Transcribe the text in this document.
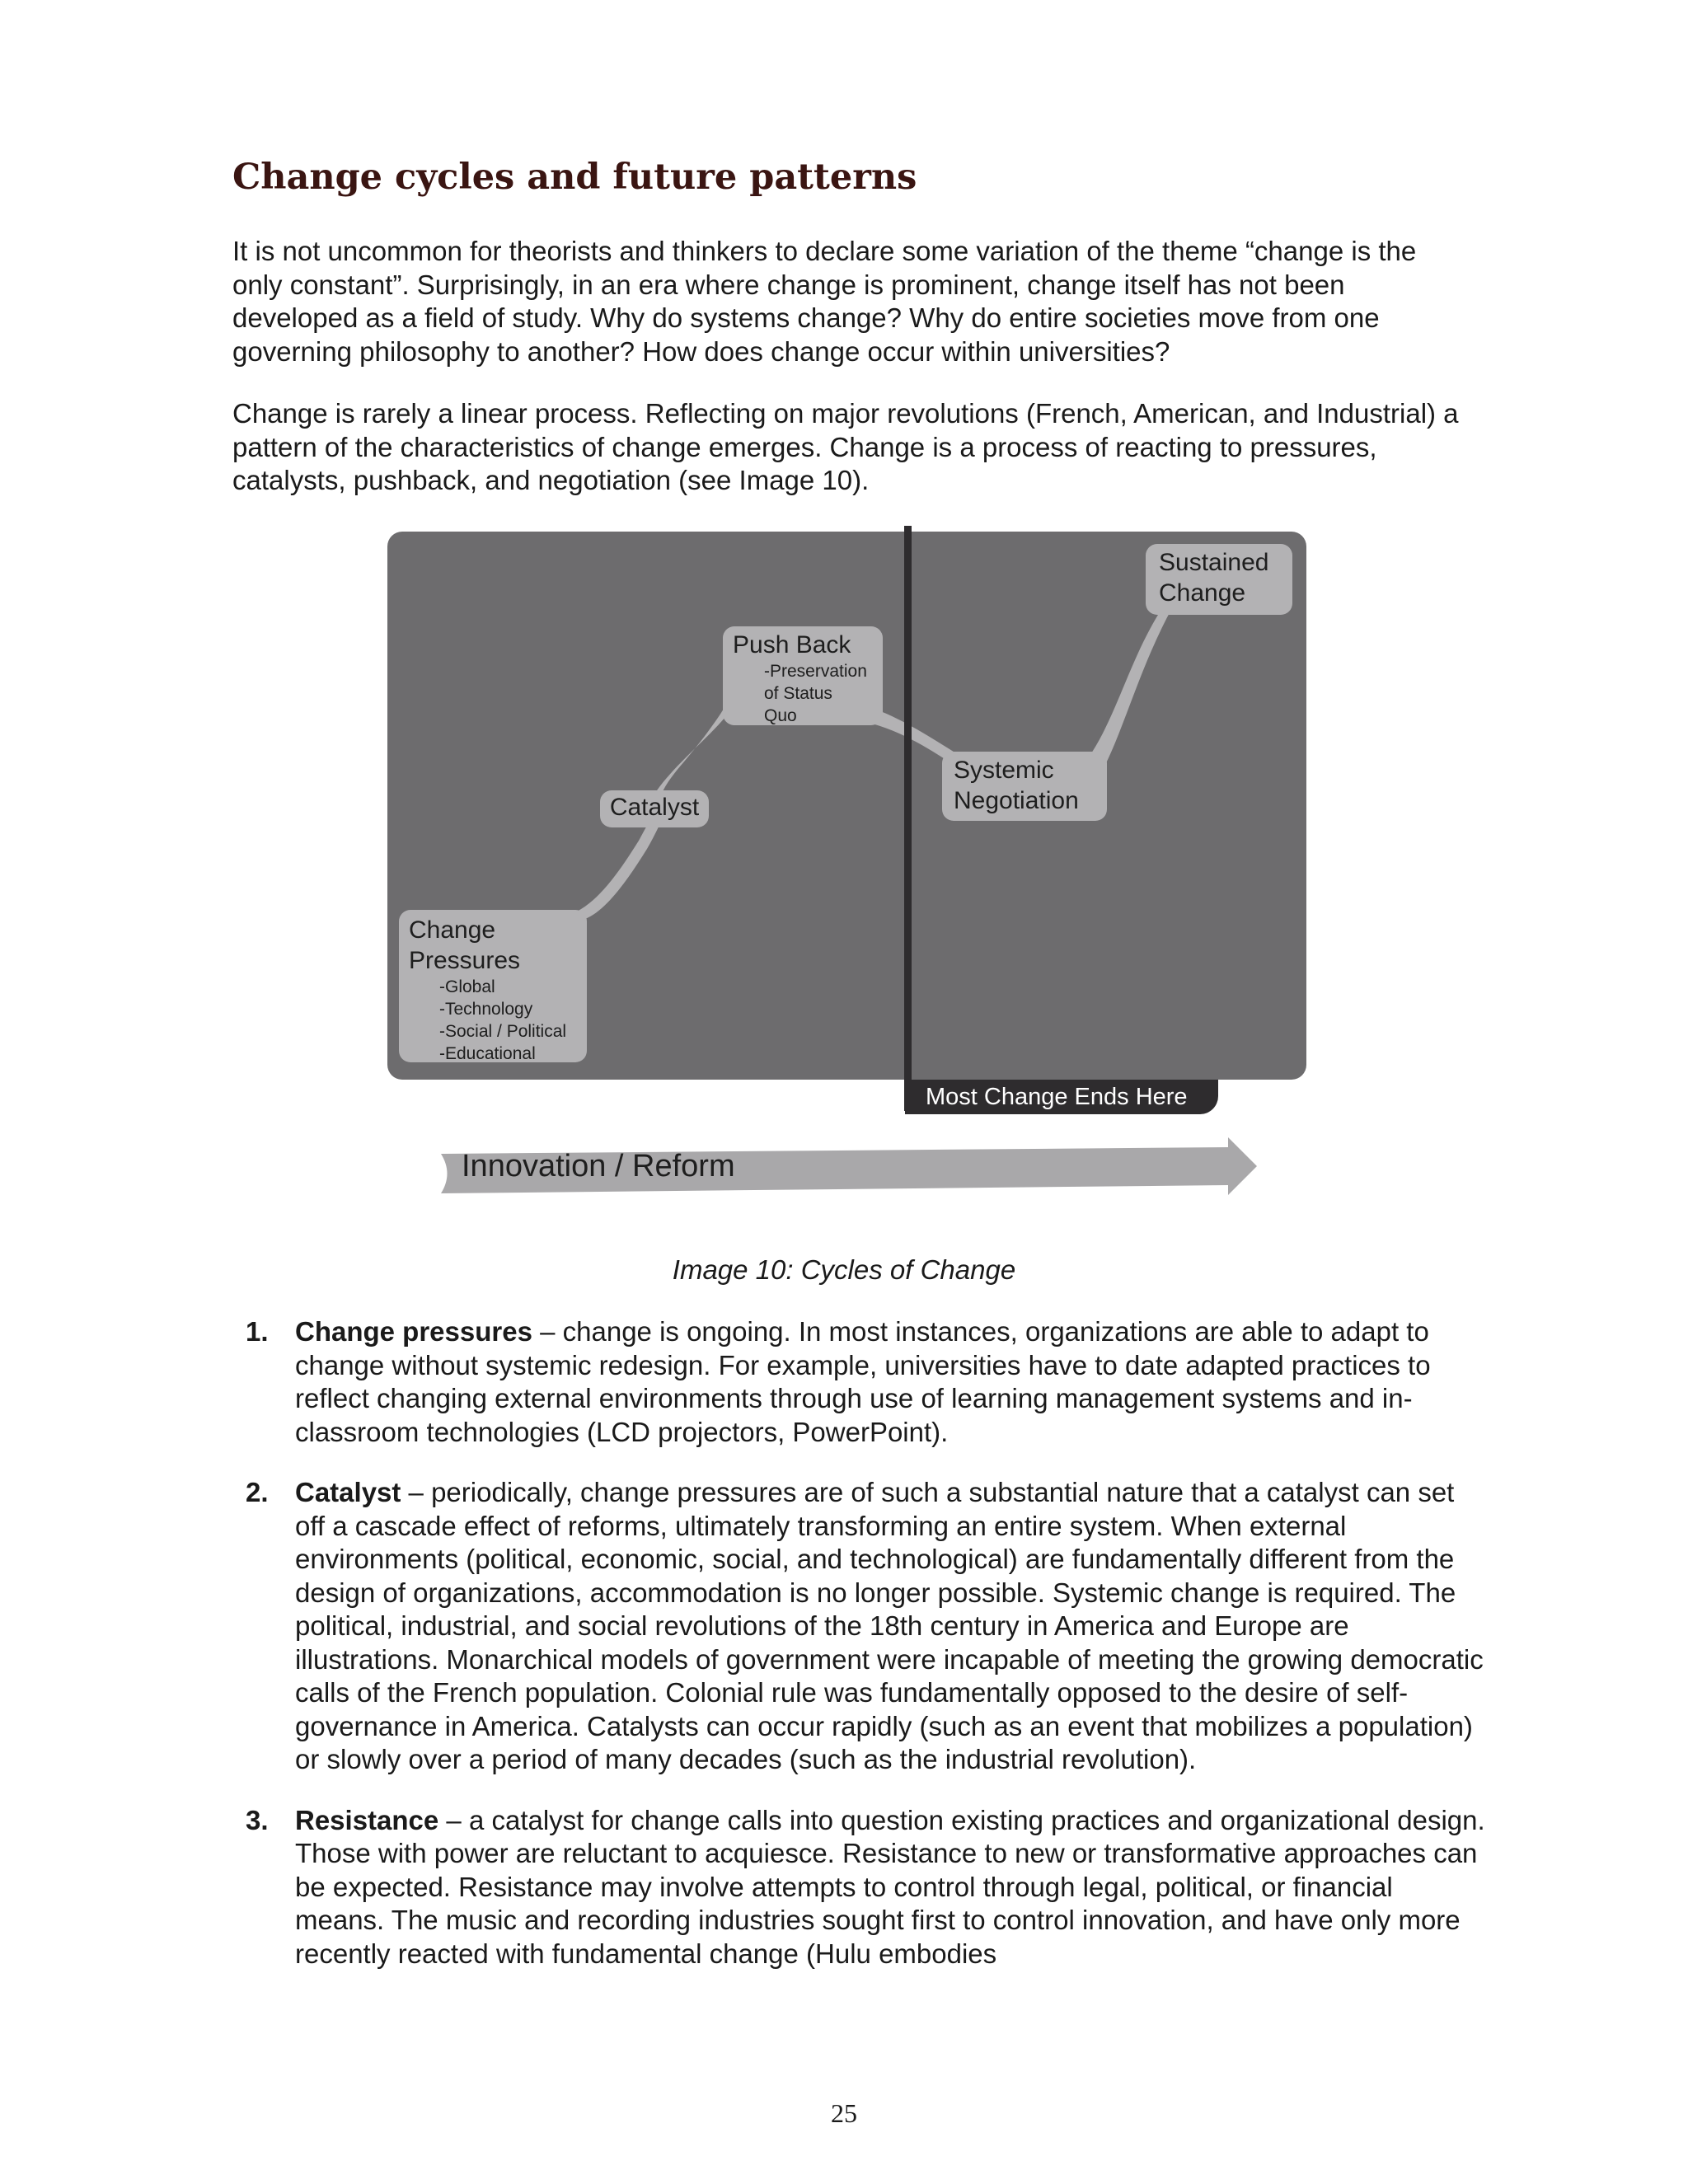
Change cycles and future patterns

It is not uncommon for theorists and thinkers to declare some variation of the theme “change is the only constant”. Surprisingly, in an era where change is prominent, change itself has not been developed as a field of study. Why do systems change? Why do entire societies move from one governing philosophy to another? How does change occur within universities?

Change is rarely a linear process. Reflecting on major revolutions (French, American, and Industrial) a pattern of the characteristics of change emerges. Change is a process of reacting to pressures, catalysts, pushback, and negotiation (see Image 10).

Change Pressures
-Global
-Technology
-Social / Political
-Educational
Catalyst
Push Back
-Preservation
of Status
Quo
Systemic Negotiation
Sustained Change
Most Change Ends Here
Innovation / Reform

Image 10: Cycles of Change

1. Change pressures – change is ongoing. In most instances, organizations are able to adapt to change without systemic redesign. For example, universities have to date adapted practices to reflect changing external environments through use of learning management systems and in-classroom technologies (LCD projectors, PowerPoint).
2. Catalyst – periodically, change pressures are of such a substantial nature that a catalyst can set off a cascade effect of reforms, ultimately transforming an entire system. When external environments (political, economic, social, and technological) are fundamentally different from the design of organizations, accommodation is no longer possible. Systemic change is required. The political, industrial, and social revolutions of the 18th century in America and Europe are illustrations. Monarchical models of government were incapable of meeting the growing democratic calls of the French population. Colonial rule was fundamentally opposed to the desire of self-governance in America. Catalysts can occur rapidly (such as an event that mobilizes a population) or slowly over a period of many decades (such as the industrial revolution).
3. Resistance – a catalyst for change calls into question existing practices and organizational design. Those with power are reluctant to acquiesce. Resistance to new or transformative approaches can be expected. Resistance may involve attempts to control through legal, political, or financial means. The music and recording industries sought first to control innovation, and have only more recently reacted with fundamental change (Hulu embodies
25
